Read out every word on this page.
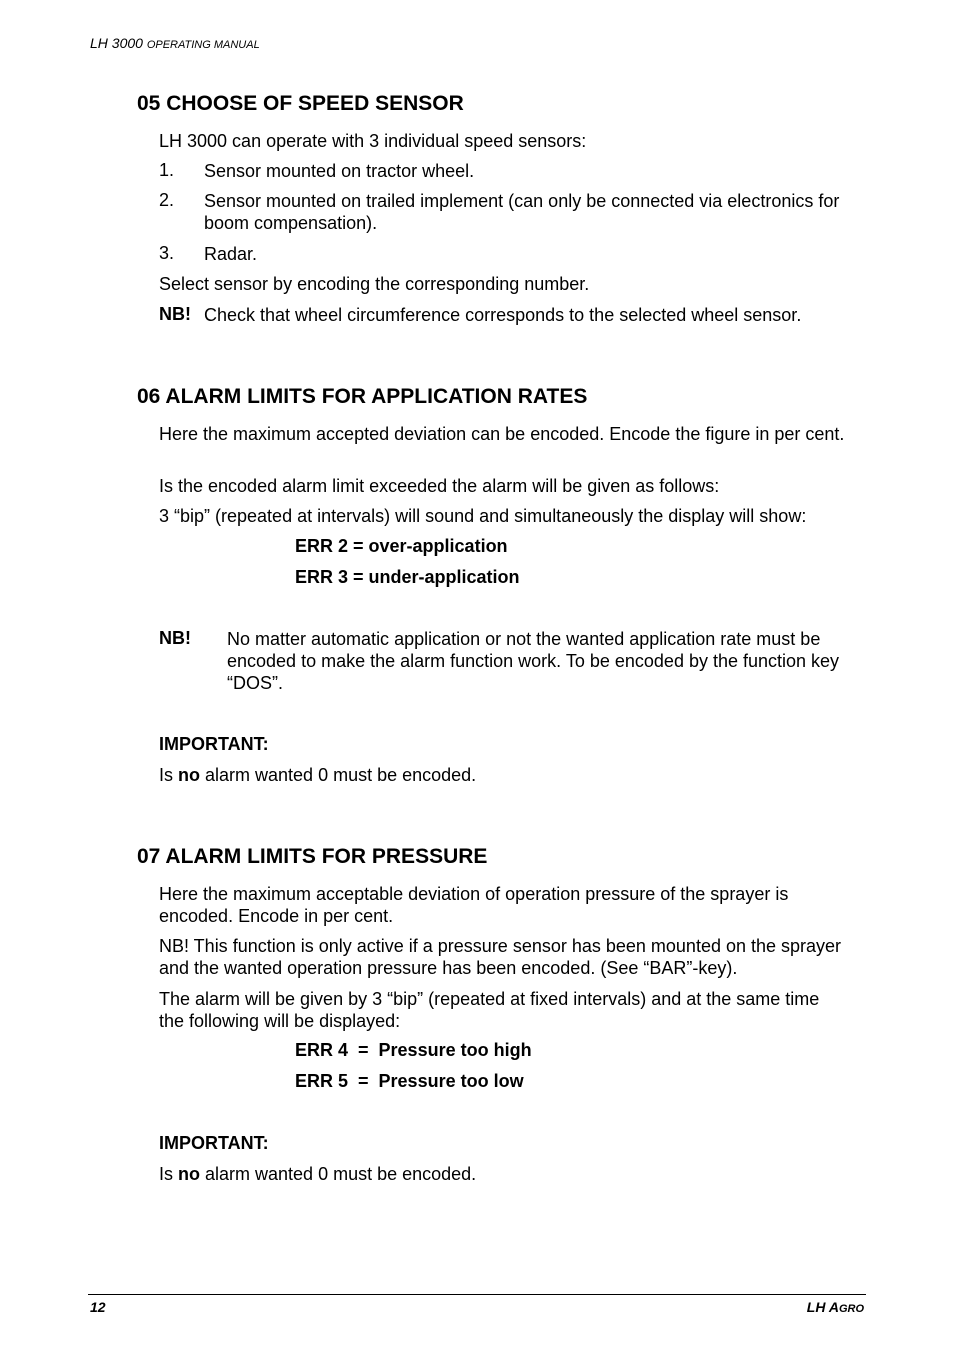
LH 3000 OPERATING MANUAL
05 CHOOSE OF SPEED SENSOR

LH 3000 can operate with 3 individual speed sensors:

1. Sensor mounted on tractor wheel.
2. Sensor mounted on trailed implement (can only be connected via electronics for boom compensation).
3. Radar.

Select sensor by encoding the corresponding number.

NB! Check that wheel circumference corresponds to the selected wheel sensor.
06 ALARM LIMITS FOR APPLICATION RATES

Here the maximum accepted deviation can be encoded. Encode the figure in per cent.

Is the encoded alarm limit exceeded the alarm will be given as follows:

3 “bip” (repeated at intervals) will sound and simultaneously the display will show:

ERR 2 = over-application
ERR 3 = under-application
NB! No matter automatic application or not the wanted application rate must be encoded to make the alarm function work. To be encoded by the function key “DOS”.

IMPORTANT:

Is no alarm wanted 0 must be encoded.

07 ALARM LIMITS FOR PRESSURE

Here the maximum acceptable deviation of operation pressure of the sprayer is encoded. Encode in per cent.

NB! This function is only active if a pressure sensor has been mounted on the sprayer and the wanted operation pressure has been encoded. (See “BAR”-key).

The alarm will be given by 3 “bip” (repeated at fixed intervals) and at the same time the following will be displayed:

ERR 4  =  Pressure too high
ERR 5  =  Pressure too low

IMPORTANT:

Is no alarm wanted 0 must be encoded.

12	LH AGRO
